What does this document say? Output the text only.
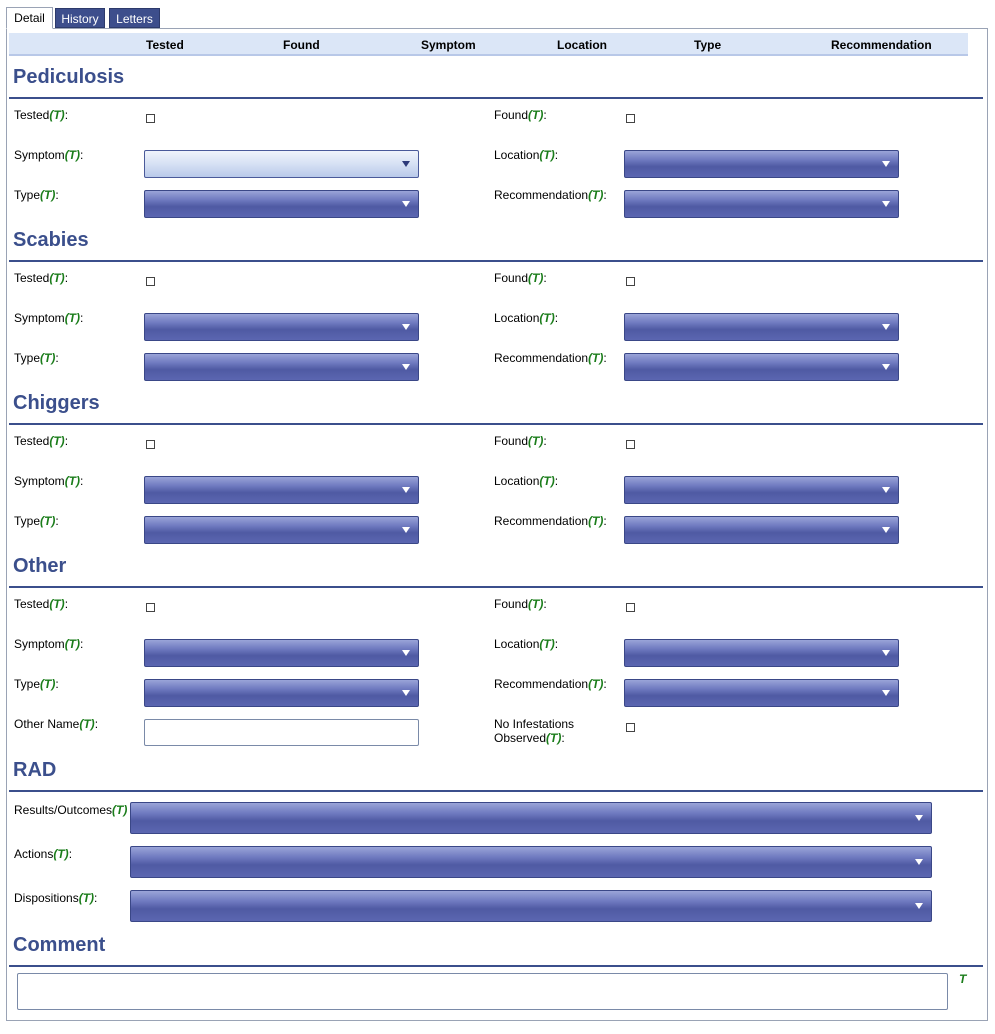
Detail	History	Letters
Tested	Found	Symptom	Location	Type	Recommendation
Pediculosis
Tested(T):	Found(T):
Symptom(T):	Location(T):
Type(T):	Recommendation(T):
Scabies
Tested(T):	Found(T):
Symptom(T):	Location(T):
Type(T):	Recommendation(T):
Chiggers
Tested(T):	Found(T):
Symptom(T):	Location(T):
Type(T):	Recommendation(T):
Other
Tested(T):	Found(T):
Symptom(T):	Location(T):
Type(T):	Recommendation(T):
Other Name(T):	No Infestations
Observed(T):
RAD
Results/Outcomes(T)
Actions(T):
Dispositions(T):
Comment
T
